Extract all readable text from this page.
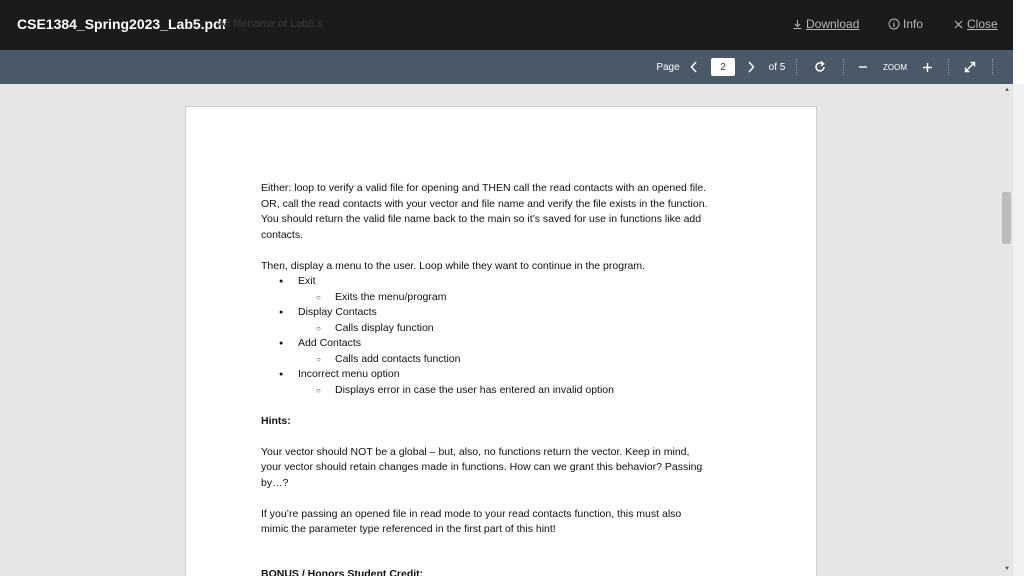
CSE1384_Spring2023_Lab5.pdf
All filename of Lab5.s	Download	Info	Close
Page	of 5	ZOOM
2

Either: loop to verify a valid file for opening and THEN call the read contacts with an opened file.

OR, call the read contacts with your vector and file name and verify the file exists in the function.

You should return the valid file name back to the main so it’s saved for use in functions like add

contacts.

Then, display a menu to the user. Loop while they want to continue in the program.

● Exit

○ Exits the menu/program

● Display Contacts

○ Calls display function

● Add Contacts

○ Calls add contacts function

● Incorrect menu option

○ Displays error in case the user has entered an invalid option

Hints:

Your vector should NOT be a global – but, also, no functions return the vector. Keep in mind,

your vector should retain changes made in functions. How can we grant this behavior? Passing

by…?

If you’re passing an opened file in read mode to your read contacts function, this must also

mimic the parameter type referenced in the first part of this hint!

BONUS / Honors Student Credit:

▲
▼
